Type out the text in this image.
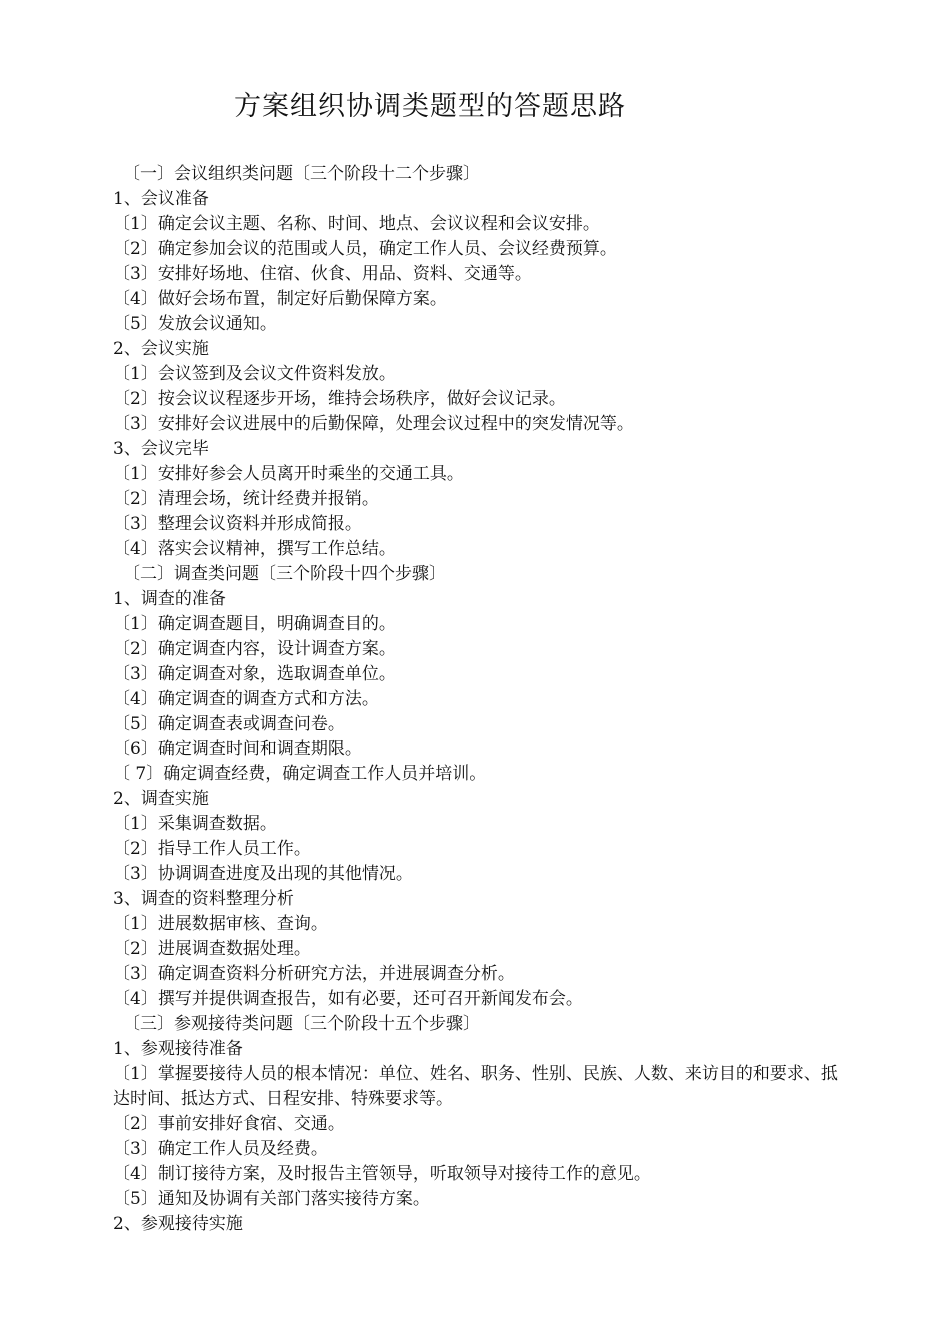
方案组织协调类题型的答题思路
〔一〕会议组织类问题〔三个阶段十二个步骤〕
1、会议准备
〔1〕确定会议主题、名称、时间、地点、会议议程和会议安排。
〔2〕确定参加会议的范围或人员，确定工作人员、会议经费预算。
〔3〕安排好场地、住宿、伙食、用品、资料、交通等。
〔4〕做好会场布置，制定好后勤保障方案。
〔5〕发放会议通知。
2、会议实施
〔1〕会议签到及会议文件资料发放。
〔2〕按会议议程逐步开场，维持会场秩序，做好会议记录。
〔3〕安排好会议进展中的后勤保障，处理会议过程中的突发情况等。
3、会议完毕
〔1〕安排好参会人员离开时乘坐的交通工具。
〔2〕清理会场，统计经费并报销。
〔3〕整理会议资料并形成简报。
〔4〕落实会议精神，撰写工作总结。
〔二〕调查类问题〔三个阶段十四个步骤〕
1、调查的准备
〔1〕确定调查题目，明确调查目的。
〔2〕确定调查内容，设计调查方案。
〔3〕确定调查对象，选取调查单位。
〔4〕确定调查的调查方式和方法。
〔5〕确定调查表或调查问卷。
〔6〕确定调查时间和调查期限。
〔 7〕确定调查经费，确定调查工作人员并培训。
2、调查实施
〔1〕采集调查数据。
〔2〕指导工作人员工作。
〔3〕协调调查进度及出现的其他情况。
3、调查的资料整理分析
〔1〕进展数据审核、查询。
〔2〕进展调查数据处理。
〔3〕确定调查资料分析研究方法，并进展调查分析。
〔4〕撰写并提供调查报告，如有必要，还可召开新闻发布会。
〔三〕参观接待类问题〔三个阶段十五个步骤〕
1、参观接待准备
〔1〕掌握要接待人员的根本情况：单位、姓名、职务、性别、民族、人数、来访目的和要求、抵达时间、抵达方式、日程安排、特殊要求等。
〔2〕事前安排好食宿、交通。
〔3〕确定工作人员及经费。
〔4〕制订接待方案，及时报告主管领导，听取领导对接待工作的意见。
〔5〕通知及协调有关部门落实接待方案。
2、参观接待实施
